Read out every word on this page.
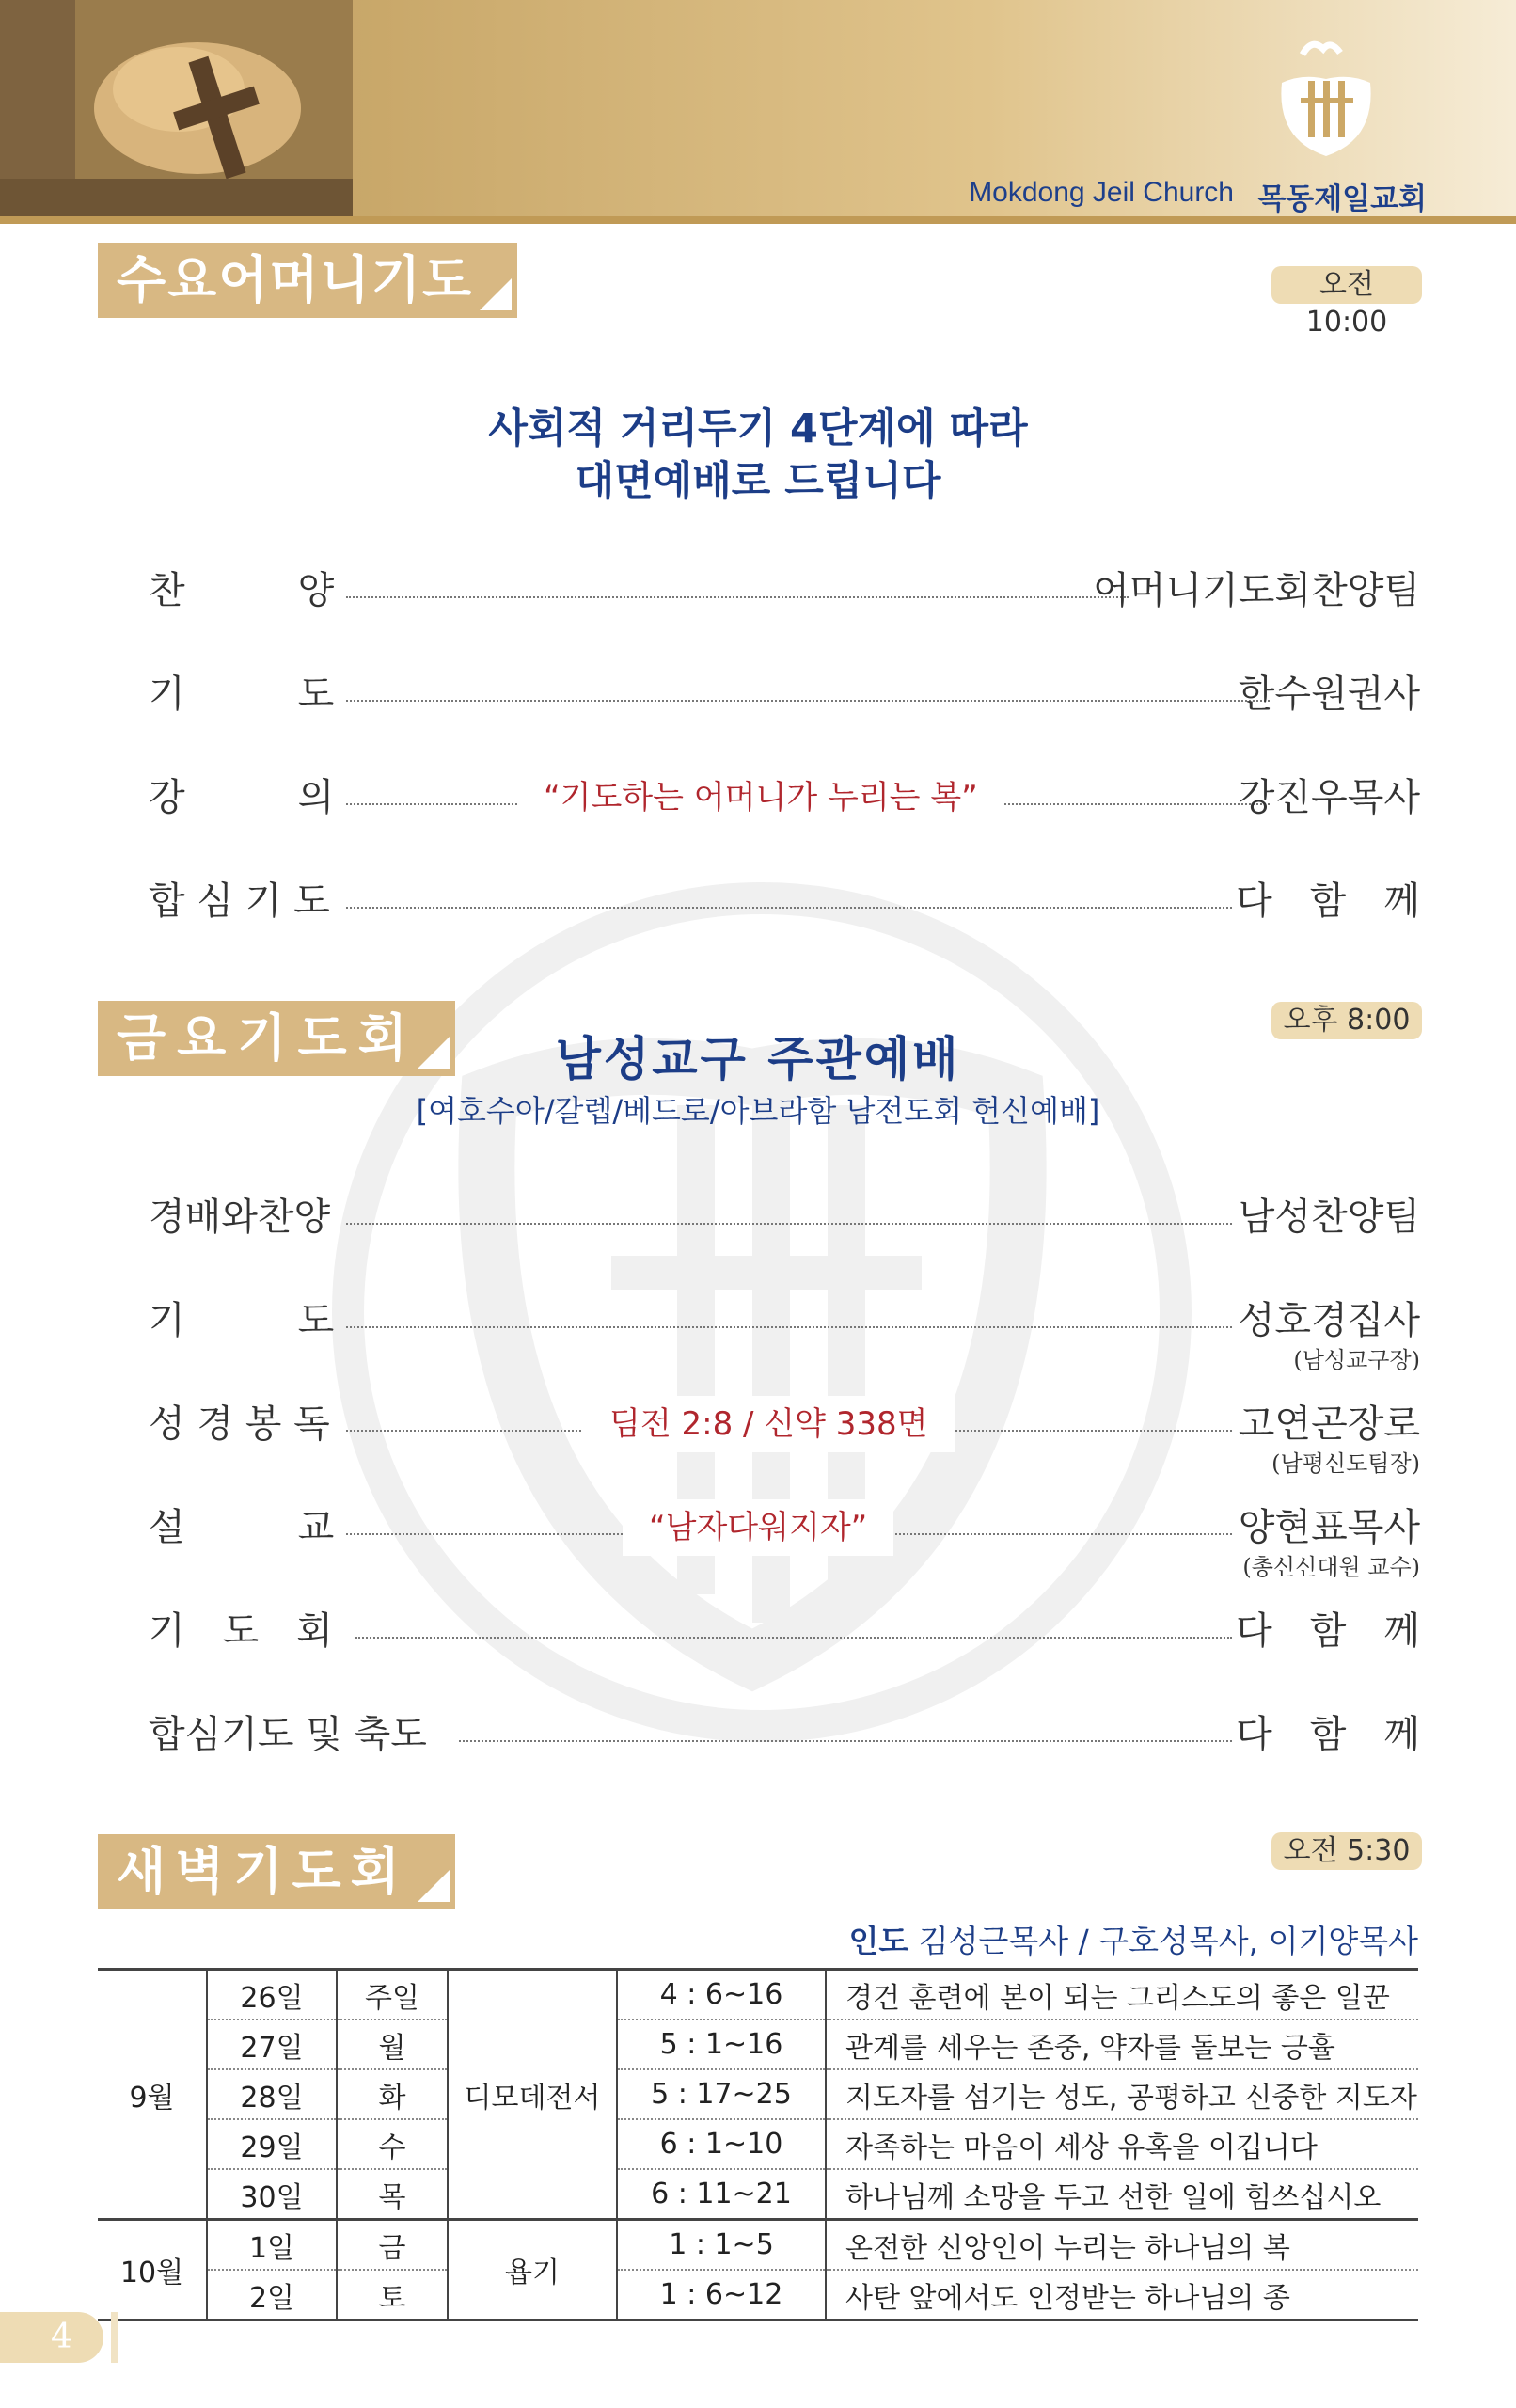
Mokdong Jeil Church 목동제일교회
수요어머니기도회
오전10:00
사회적 거리두기 4단계에 따라
대면예배로 드립니다
찬　　　양	어머니기도회찬양팀
기　　　도	한수원권사
강　　　의	“기도하는 어머니가 누리는 복”	강진우목사
합 심 기 도	다　함　께
금요기도회	오후 8:00
남성교구 주관예배
[여호수아/갈렙/베드로/아브라함 남전도회 헌신예배]
경배와찬양	남성찬양팀
기　　　도	성호경집사
(남성교구장)
성 경 봉 독	딤전 2:8 / 신약 338면	고연곤장로
(남평신도팀장)
설　　　교	“남자다워지자”	양현표목사
(총신신대원 교수)
기　도　회	다　함　께
합심기도 및 축도	다　함　께
새벽기도회	오전 5:30
인도 김성근목사 / 구호성목사, 이기양목사
9월	26일	주일	디모데전서	4 : 6~16	경건 훈련에 본이 되는 그리스도의 좋은 일꾼
	27일	월		5 : 1~16	관계를 세우는 존중, 약자를 돌보는 긍휼
	28일	화		5 : 17~25	지도자를 섬기는 성도, 공평하고 신중한 지도자
	29일	수		6 : 1~10	자족하는 마음이 세상 유혹을 이깁니다
	30일	목		6 : 11~21	하나님께 소망을 두고 선한 일에 힘쓰십시오
10월	1일	금	욥기	1 : 1~5	온전한 신앙인이 누리는 하나님의 복
	2일	토		1 : 6~12	사탄 앞에서도 인정받는 하나님의 종
4
